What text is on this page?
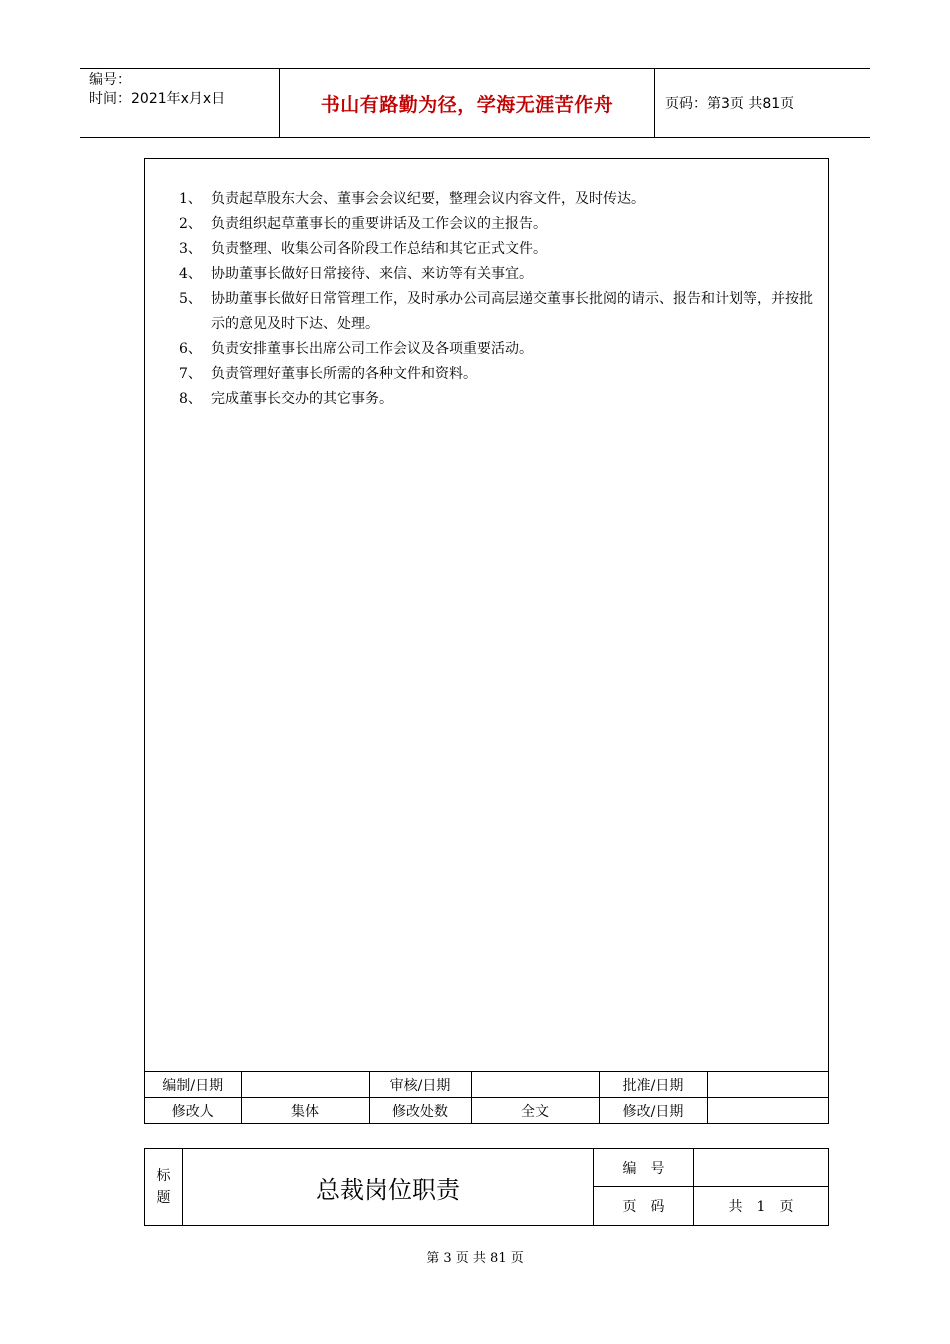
编号：
时间：2021年x月x日	书山有路勤为径，学海无涯苦作舟	页码：第3页 共81页
1、 负责起草股东大会、董事会会议纪要，整理会议内容文件，及时传达。
2、 负责组织起草董事长的重要讲话及工作会议的主报告。
3、 负责整理、收集公司各阶段工作总结和其它正式文件。
4、 协助董事长做好日常接待、来信、来访等有关事宜。
5、 协助董事长做好日常管理工作，及时承办公司高层递交董事长批阅的请示、报告和计划等，并按批示的意见及时下达、处理。
6、 负责安排董事长出席公司工作会议及各项重要活动。
7、 负责管理好董事长所需的各种文件和资料。
8、 完成董事长交办的其它事务。
编制/日期		审核/日期		批准/日期	
修改人	集体	修改处数	全文	修改/日期	
标
题	总裁岗位职责
编　号
页　码	共　1　页
第 3 页 共 81 页
